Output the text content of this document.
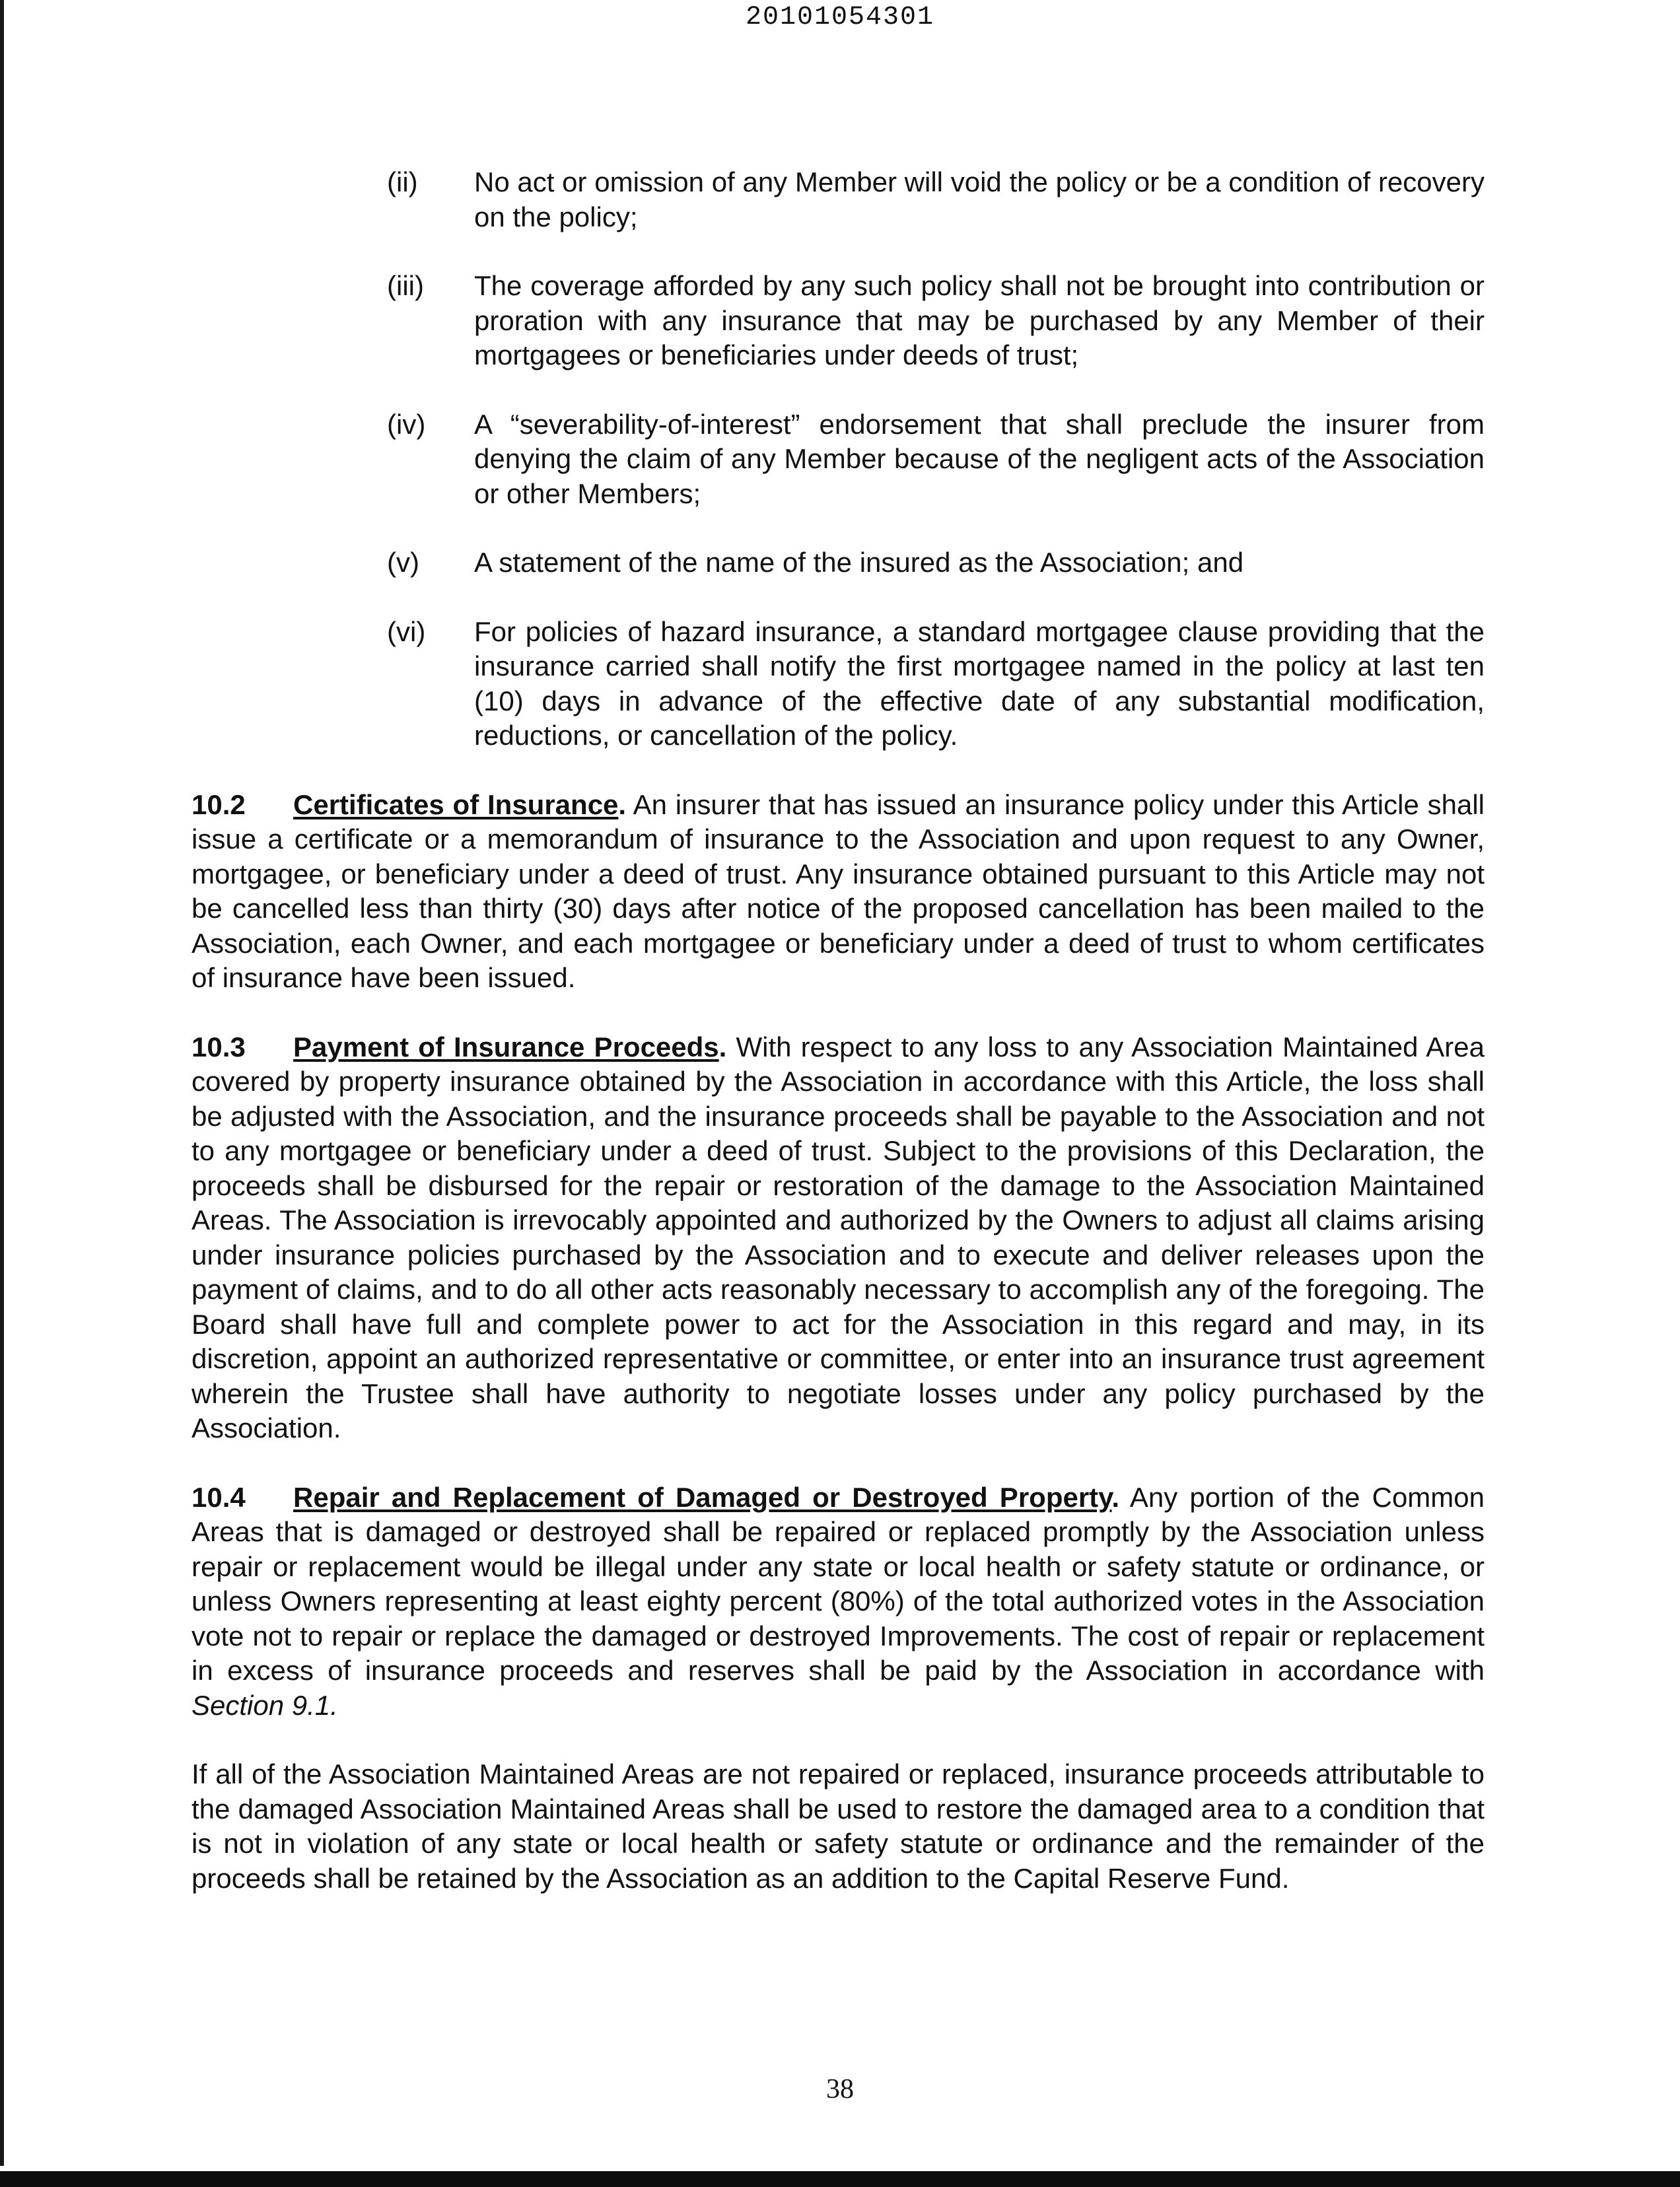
20101054301
(ii)	No act or omission of any Member will void the policy or be a condition of recovery on the policy;
(iii)	The coverage afforded by any such policy shall not be brought into contribution or proration with any insurance that may be purchased by any Member of their mortgagees or beneficiaries under deeds of trust;
(iv)	A “severability-of-interest” endorsement that shall preclude the insurer from denying the claim of any Member because of the negligent acts of the Association or other Members;
(v)	A statement of the name of the insured as the Association; and
(vi)	For policies of hazard insurance, a standard mortgagee clause providing that the insurance carried shall notify the first mortgagee named in the policy at last ten (10) days in advance of the effective date of any substantial modification, reductions, or cancellation of the policy.

10.2 Certificates of Insurance. An insurer that has issued an insurance policy under this Article shall issue a certificate or a memorandum of insurance to the Association and upon request to any Owner, mortgagee, or beneficiary under a deed of trust. Any insurance obtained pursuant to this Article may not be cancelled less than thirty (30) days after notice of the proposed cancellation has been mailed to the Association, each Owner, and each mortgagee or beneficiary under a deed of trust to whom certificates of insurance have been issued.

10.3 Payment of Insurance Proceeds. With respect to any loss to any Association Maintained Area covered by property insurance obtained by the Association in accordance with this Article, the loss shall be adjusted with the Association, and the insurance proceeds shall be payable to the Association and not to any mortgagee or beneficiary under a deed of trust. Subject to the provisions of this Declaration, the proceeds shall be disbursed for the repair or restoration of the damage to the Association Maintained Areas. The Association is irrevocably appointed and authorized by the Owners to adjust all claims arising under insurance policies purchased by the Association and to execute and deliver releases upon the payment of claims, and to do all other acts reasonably necessary to accomplish any of the foregoing. The Board shall have full and complete power to act for the Association in this regard and may, in its discretion, appoint an authorized representative or committee, or enter into an insurance trust agreement wherein the Trustee shall have authority to negotiate losses under any policy purchased by the Association.

10.4 Repair and Replacement of Damaged or Destroyed Property. Any portion of the Common Areas that is damaged or destroyed shall be repaired or replaced promptly by the Association unless repair or replacement would be illegal under any state or local health or safety statute or ordinance, or unless Owners representing at least eighty percent (80%) of the total authorized votes in the Association vote not to repair or replace the damaged or destroyed Improvements. The cost of repair or replacement in excess of insurance proceeds and reserves shall be paid by the Association in accordance with Section 9.1.

If all of the Association Maintained Areas are not repaired or replaced, insurance proceeds attributable to the damaged Association Maintained Areas shall be used to restore the damaged area to a condition that is not in violation of any state or local health or safety statute or ordinance and the remainder of the proceeds shall be retained by the Association as an addition to the Capital Reserve Fund.

38
